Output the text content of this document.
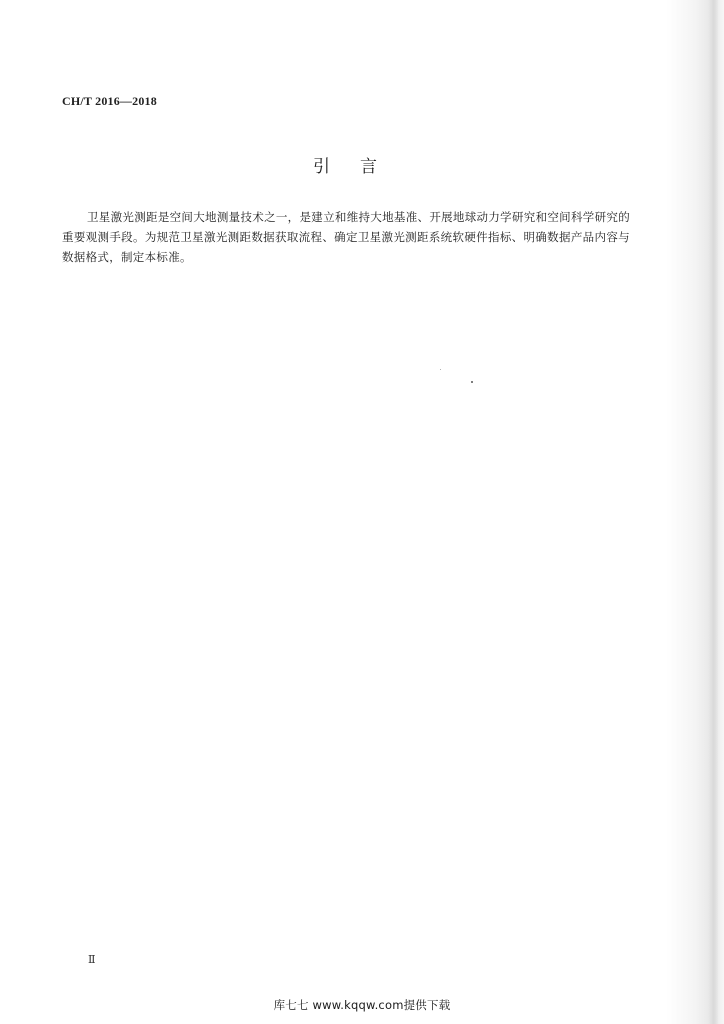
CH/T 2016—2018
引言

卫星激光测距是空间大地测量技术之一，是建立和维持大地基准、开展地球动力学研究和空间科学研究的重要观测手段。为规范卫星激光测距数据获取流程、确定卫星激光测距系统软硬件指标、明确数据产品内容与数据格式，制定本标准。

Ⅱ
库七七 www.kqqw.com提供下载
